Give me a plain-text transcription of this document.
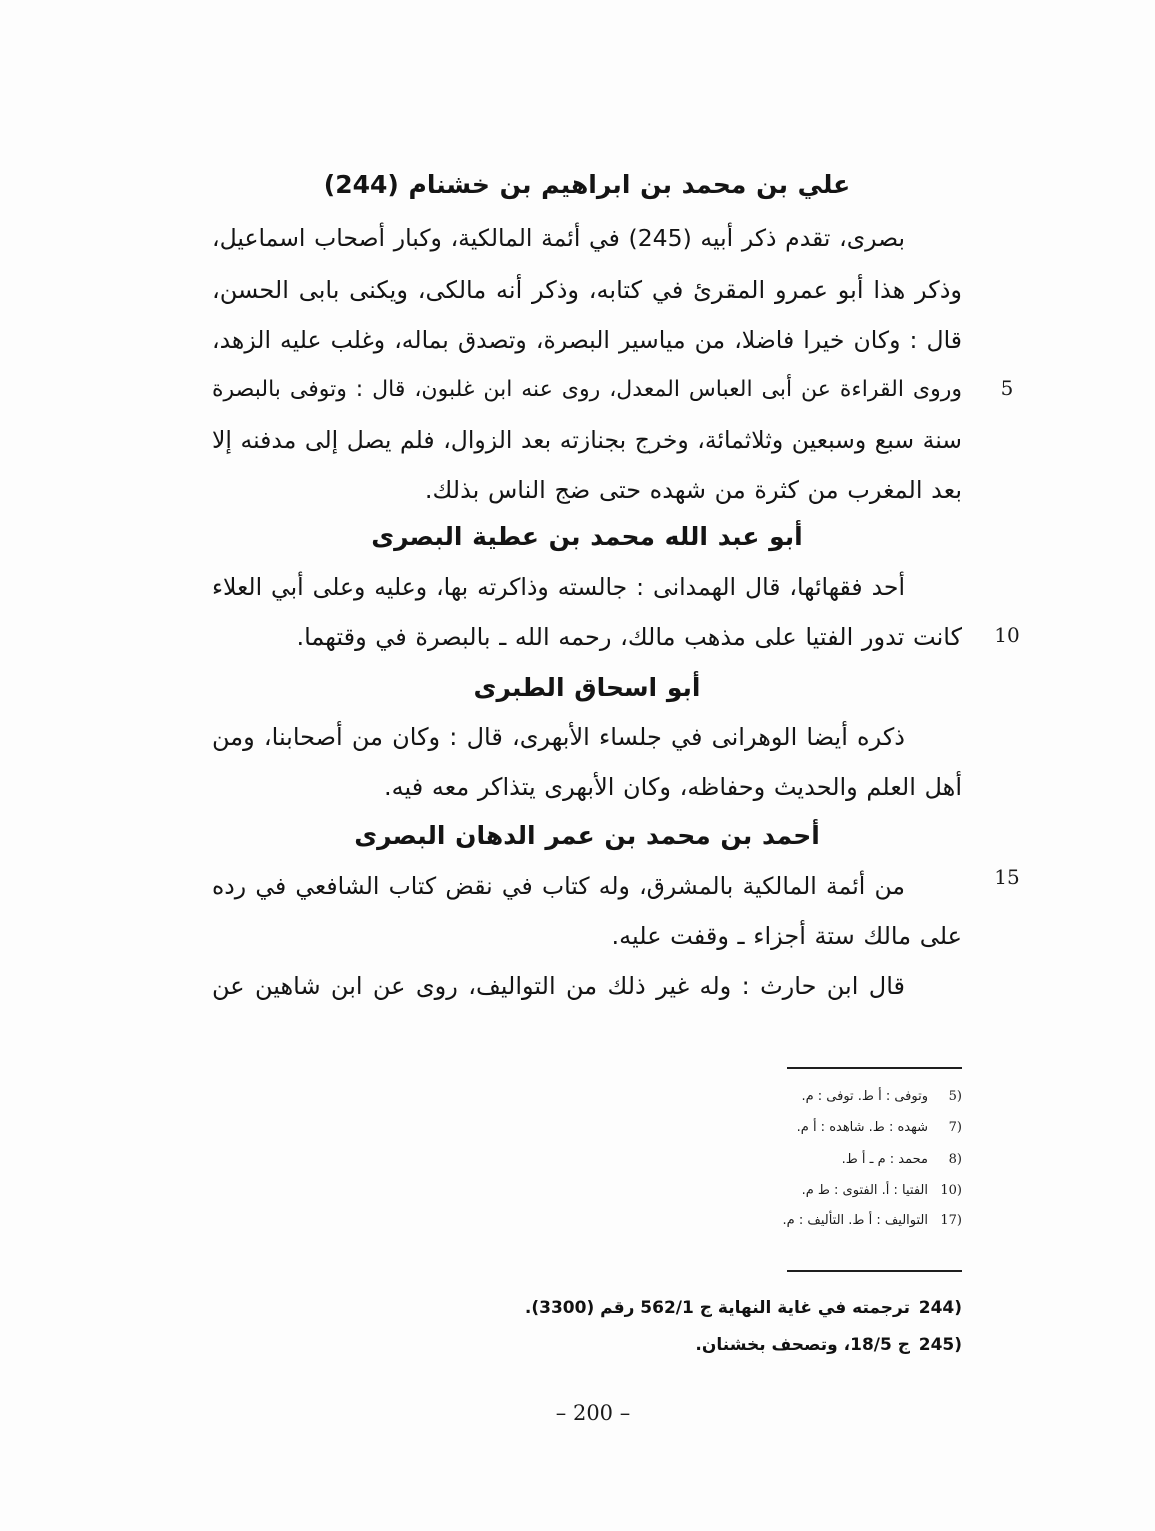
علي بن محمد بن ابراهيم بن خشنام (244)
بصرى، تقدم ذكر أبيه (245) في أئمة المالكية، وكبار أصحاب اسماعيل،
وذكر هذا أبو عمرو المقرئ في كتابه، وذكر أنه مالكى، ويكنى بابى الحسن،
قال : وكان خيرا فاضلا، من مياسير البصرة، وتصدق بماله، وغلب عليه الزهد،
وروى القراءة عن أبى العباس المعدل، روى عنه ابن غلبون، قال : وتوفى بالبصرة
سنة سبع وسبعين وثلاثمائة، وخرج بجنازته بعد الزوال، فلم يصل إلى مدفنه إلا
بعد المغرب من كثرة من شهده حتى ضج الناس بذلك.
أبو عبد الله محمد بن عطية البصرى
أحد فقهائها، قال الهمدانى : جالسته وذاكرته بها، وعليه وعلى أبي العلاء
كانت تدور الفتيا على مذهب مالك، رحمه الله ـ بالبصرة في وقتهما.
أبو اسحاق الطبرى
ذكره أيضا الوهرانى في جلساء الأبهرى، قال : وكان من أصحابنا، ومن
أهل العلم والحديث وحفاظه، وكان الأبهرى يتذاكر معه فيه.
أحمد بن محمد بن عمر الدهان البصرى
من أئمة المالكية بالمشرق، وله كتاب في نقض كتاب الشافعي في رده
على مالك ستة أجزاء ـ وقفت عليه.
قال ابن حارث : وله غير ذلك من التواليف، روى عن ابن شاهين عن
5
10
15
5)
وتوفى : أ ط. توفى : م.
7)
شهده : ط. شاهده : أ م.
8)
محمد : م ـ أ ط.
10)
الفتيا : أ. الفتوى : ط م.
17)
التواليف : أ ط. التأليف : م.
244)
ترجمته في غاية النهاية ج 562/1 رقم (3300).
245)
ج 18/5، وتصحف بخشنان.
– 200 –
